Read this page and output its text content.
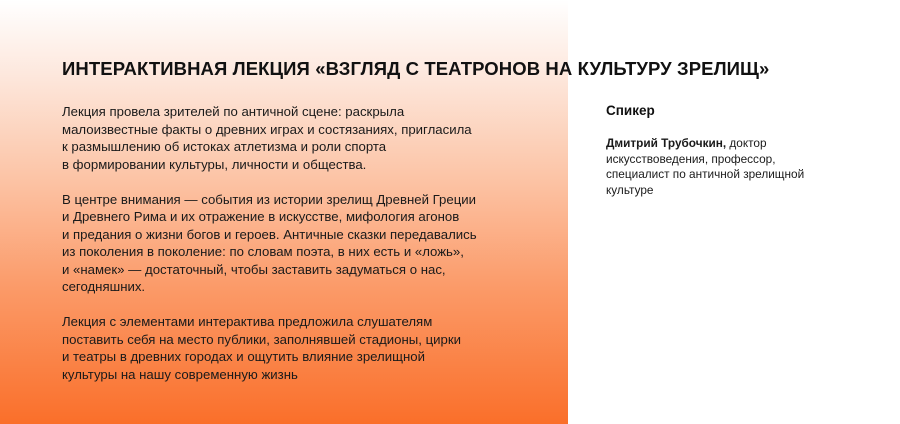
ИНТЕРАКТИВНАЯ ЛЕКЦИЯ «ВЗГЛЯД С ТЕАТРОНОВ НА КУЛЬТУРУ ЗРЕЛИЩ»

Лекция провела зрителей по античной сцене: раскрыла
малоизвестные факты о древних играх и состязаниях, пригласила
к размышлению об истоках атлетизма и роли спорта
в формировании культуры, личности и общества.

В центре внимания — события из истории зрелищ Древней Греции
и Древнего Рима и их отражение в искусстве, мифология агонов
и предания о жизни богов и героев. Античные сказки передавались
из поколения в поколение: по словам поэта, в них есть и «ложь»,
и «намек» — достаточный, чтобы заставить задуматься о нас,
сегодняшних.

Лекция с элементами интерактива предложила слушателям
поставить себя на место публики, заполнявшей стадионы, цирки
и театры в древних городах и ощутить влияние зрелищной
культуры на нашу современную жизнь

Спикер
Дмитрий Трубочкин, доктор
искусствоведения, профессор,
специалист по античной зрелищной
культуре
